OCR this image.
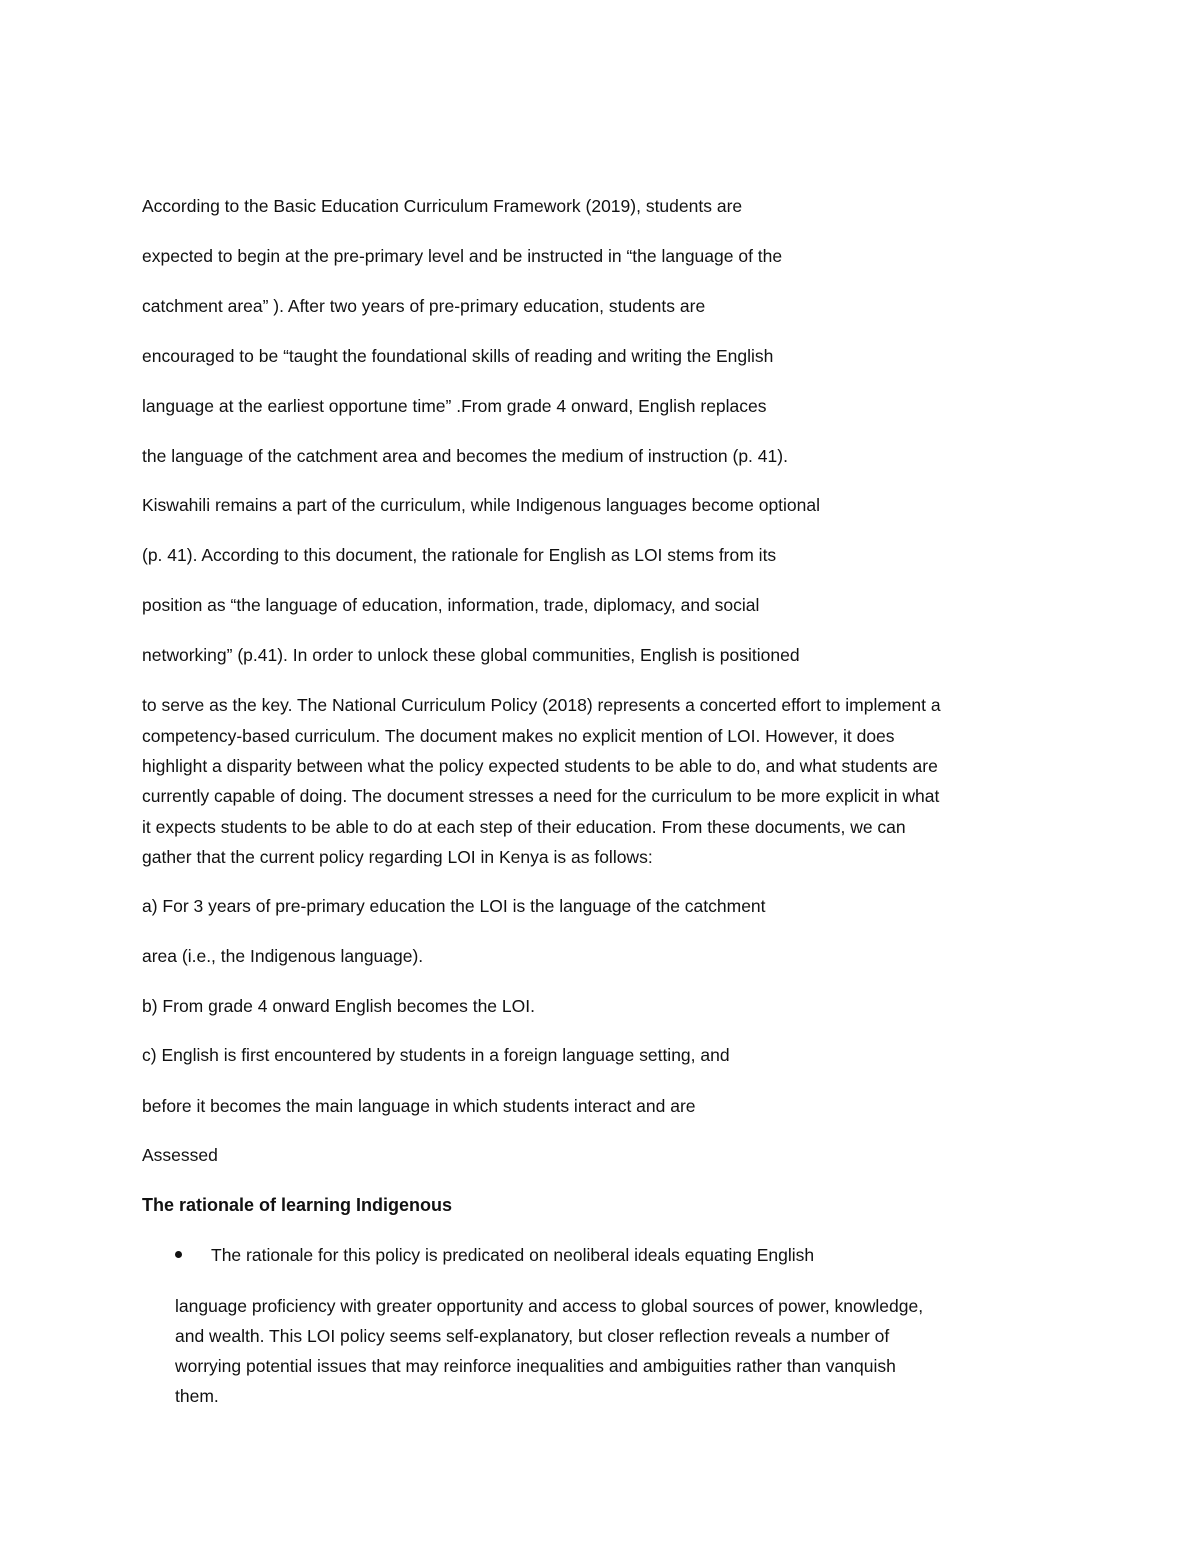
According to the Basic Education Curriculum Framework (2019), students are
expected to begin at the pre-primary level and be instructed in “the language of the
catchment area” ). After two years of pre-primary education, students are
encouraged to be “taught the foundational skills of reading and writing the English
language at the earliest opportune time” .From grade 4 onward, English replaces
the language of the catchment area and becomes the medium of instruction (p. 41).
Kiswahili remains a part of the curriculum, while Indigenous languages become optional
(p. 41). According to this document, the rationale for English as LOI stems from its
position as “the language of education, information, trade, diplomacy, and social
networking” (p.41). In order to unlock these global communities, English is positioned
to serve as the key. The National Curriculum Policy (2018) represents a concerted effort to implement a
competency-based curriculum. The document makes no explicit mention of LOI. However, it does
highlight a disparity between what the policy expected students to be able to do, and what students are
currently capable of doing. The document stresses a need for the curriculum to be more explicit in what
it expects students to be able to do at each step of their education. From these documents, we can
gather that the current policy regarding LOI in Kenya is as follows:
a) For 3 years of pre-primary education the LOI is the language of the catchment
area (i.e., the Indigenous language).
b) From grade 4 onward English becomes the LOI.
c) English is first encountered by students in a foreign language setting, and
before it becomes the main language in which students interact and are
Assessed
The rationale of learning Indigenous
The rationale for this policy is predicated on neoliberal ideals equating English
language proficiency with greater opportunity and access to global sources of power, knowledge,
and wealth. This LOI policy seems self-explanatory, but closer reflection reveals a number of
worrying potential issues that may reinforce inequalities and ambiguities rather than vanquish
them.
